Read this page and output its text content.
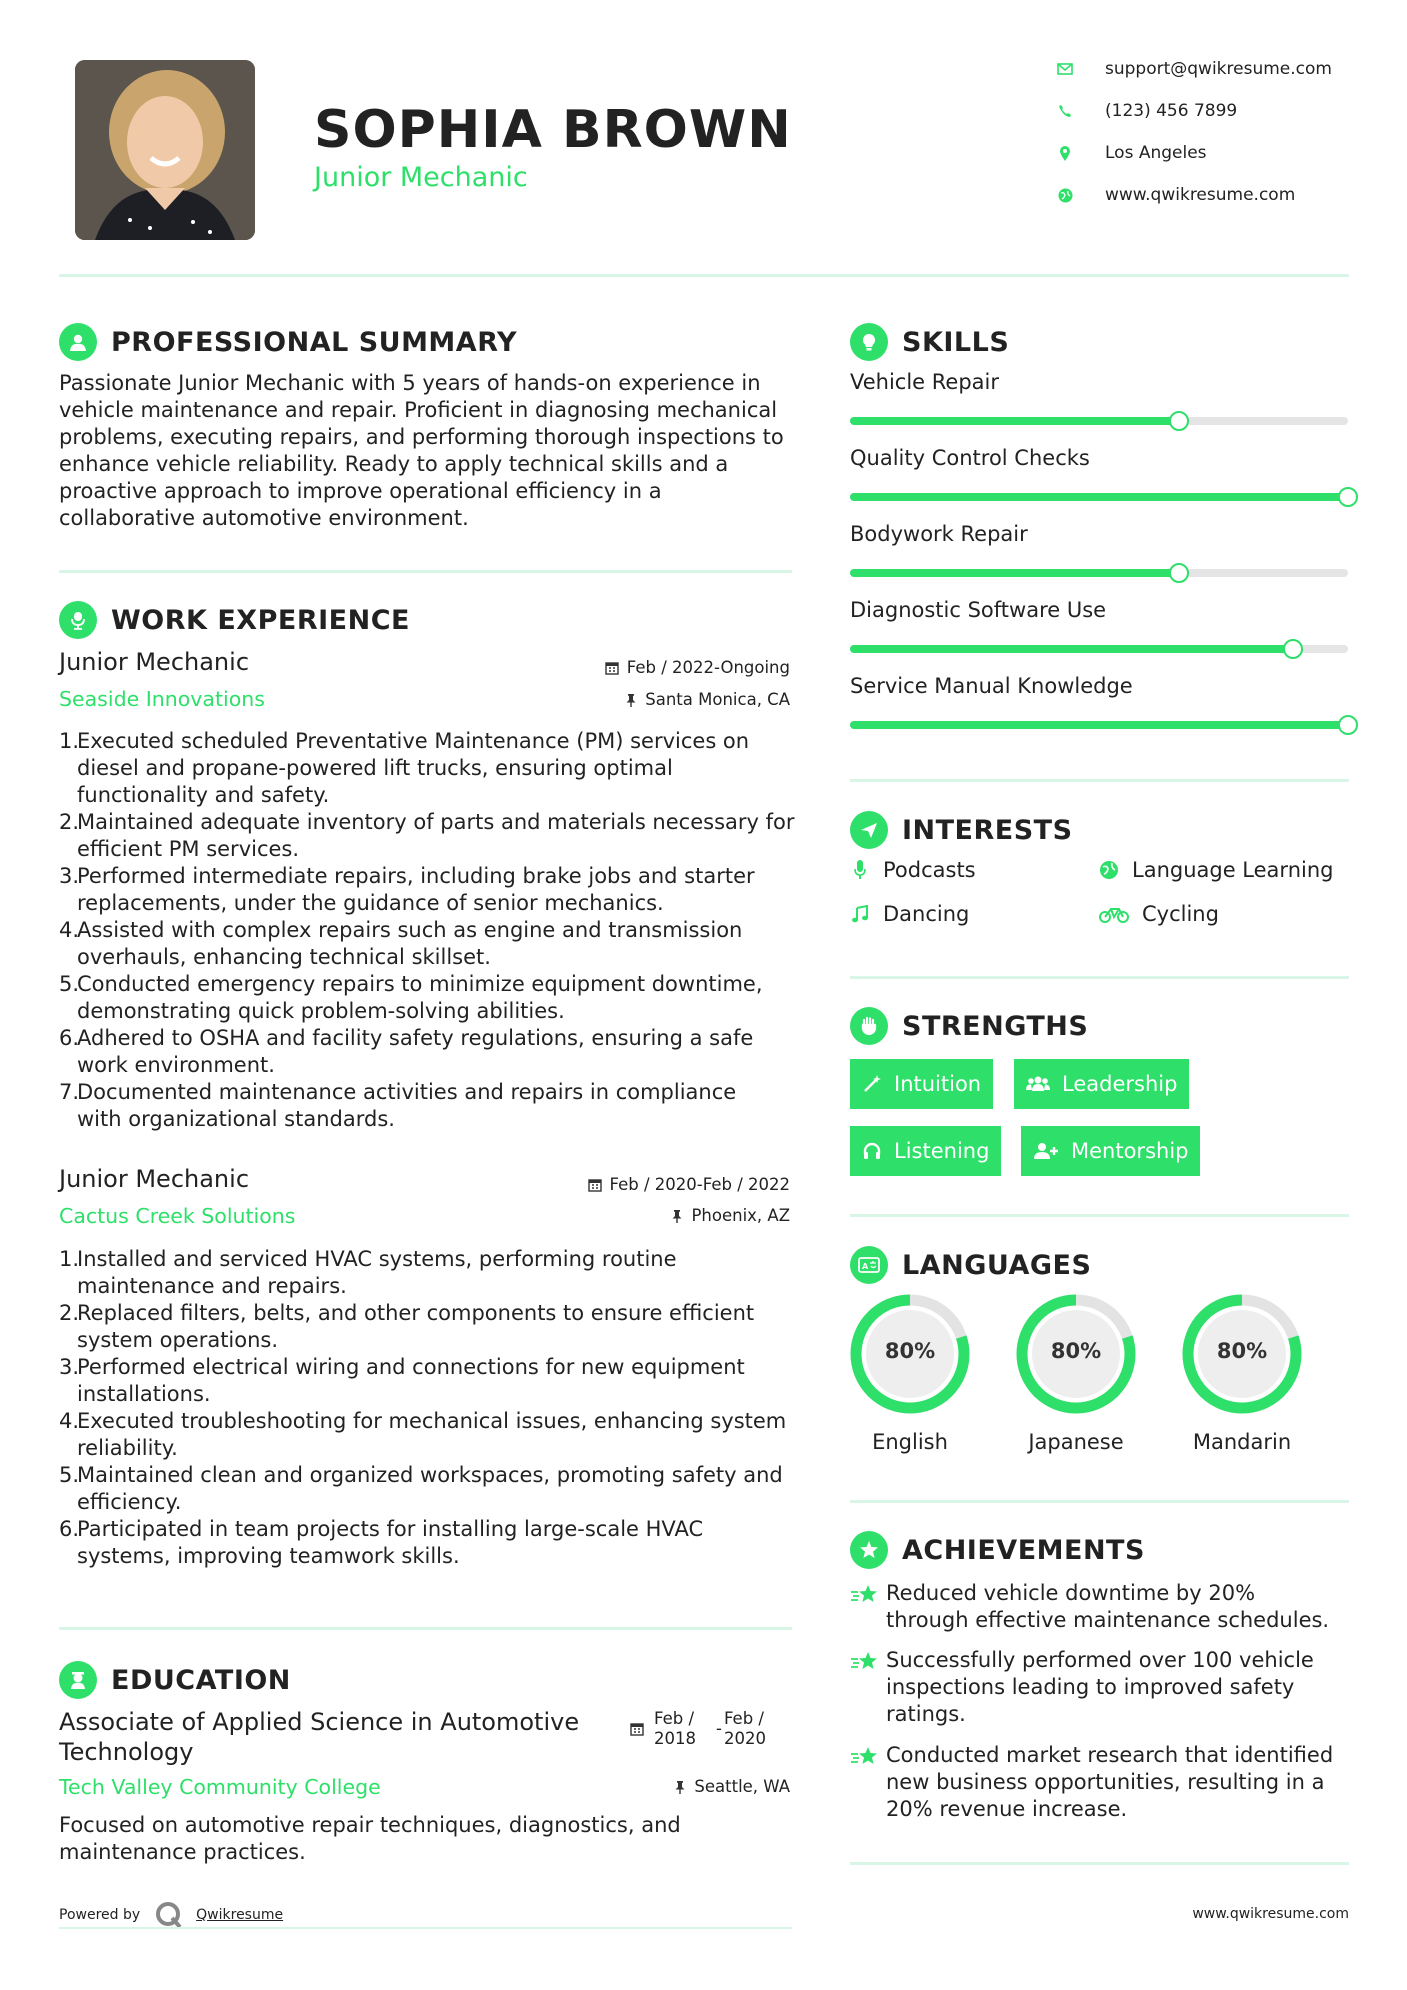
SOPHIA BROWN
Junior Mechanic
support@qwikresume.com
(123) 456 7899
Los Angeles
www.qwikresume.com
PROFESSIONAL SUMMARY
Passionate Junior Mechanic with 5 years of hands-on experience in
vehicle maintenance and repair. Proficient in diagnosing mechanical
problems, executing repairs, and performing thorough inspections to
enhance vehicle reliability. Ready to apply technical skills and a
proactive approach to improve operational efficiency in a
collaborative automotive environment.
WORK EXPERIENCE
Junior Mechanic	Feb / 2022-Ongoing
Seaside Innovations	Santa Monica, CA
1.
Executed scheduled Preventative Maintenance (PM) services on
diesel and propane-powered lift trucks, ensuring optimal
functionality and safety.
2.
Maintained adequate inventory of parts and materials necessary for
efficient PM services.
3.
Performed intermediate repairs, including brake jobs and starter
replacements, under the guidance of senior mechanics.
4.
Assisted with complex repairs such as engine and transmission
overhauls, enhancing technical skillset.
5.
Conducted emergency repairs to minimize equipment downtime,
demonstrating quick problem-solving abilities.
6.
Adhered to OSHA and facility safety regulations, ensuring a safe
work environment.
7.
Documented maintenance activities and repairs in compliance
with organizational standards.
Junior Mechanic	Feb / 2020-Feb / 2022
Cactus Creek Solutions	Phoenix, AZ
1.
Installed and serviced HVAC systems, performing routine
maintenance and repairs.
2.
Replaced filters, belts, and other components to ensure efficient
system operations.
3.
Performed electrical wiring and connections for new equipment
installations.
4.
Executed troubleshooting for mechanical issues, enhancing system
reliability.
5.
Maintained clean and organized workspaces, promoting safety and
efficiency.
6.
Participated in team projects for installing large-scale HVAC
systems, improving teamwork skills.
EDUCATION
Associate of Applied Science in Automotive
Technology
Feb /
2018
-
Feb /
2020
Tech Valley Community College	Seattle, WA
Focused on automotive repair techniques, diagnostics, and
maintenance practices.
Powered by	Qwikresume	www.qwikresume.com
SKILLS
Vehicle Repair
Quality Control Checks
Bodywork Repair
Diagnostic Software Use
Service Manual Knowledge
INTERESTS
Podcasts	Language Learning
Dancing	Cycling
STRENGTHS
Intuition	Leadership
Listening	Mentorship
A LANGUAGES
80%
English
80%
Japanese
80%
Mandarin
ACHIEVEMENTS
Reduced vehicle downtime by 20%
through effective maintenance schedules.
Successfully performed over 100 vehicle
inspections leading to improved safety
ratings.
Conducted market research that identified
new business opportunities, resulting in a
20% revenue increase.
